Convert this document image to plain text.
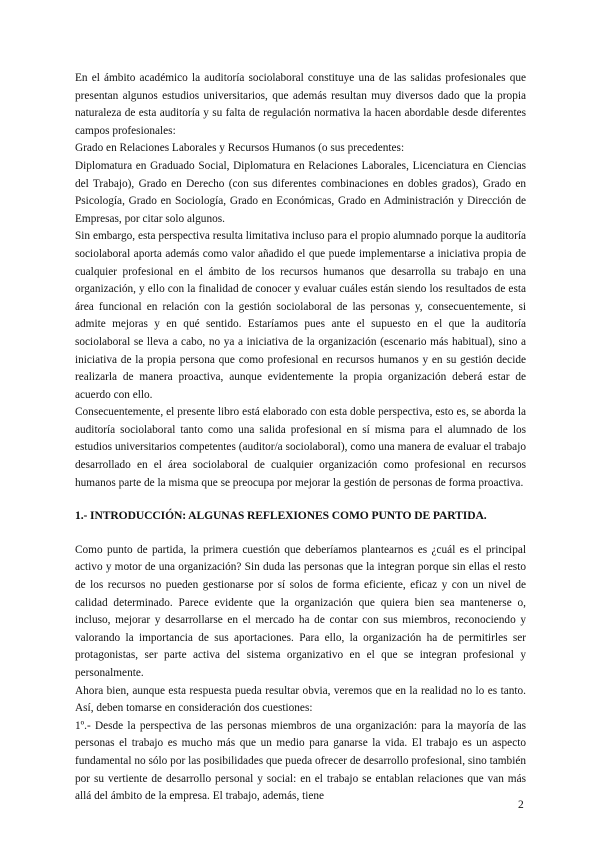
En el ámbito académico la auditoría sociolaboral constituye una de las salidas profesionales que presentan algunos estudios universitarios, que además resultan muy diversos dado que la propia naturaleza de esta auditoría y su falta de regulación normativa la hacen abordable desde diferentes campos profesionales:

Grado en Relaciones Laborales y Recursos Humanos (o sus precedentes:

Diplomatura en Graduado Social, Diplomatura en Relaciones Laborales, Licenciatura en Ciencias del Trabajo), Grado en Derecho (con sus diferentes combinaciones en dobles grados), Grado en Psicología, Grado en Sociología, Grado en Económicas, Grado en Administración y Dirección de Empresas, por citar solo algunos.

Sin embargo, esta perspectiva resulta limitativa incluso para el propio alumnado porque la auditoría sociolaboral aporta además como valor añadido el que puede implementarse a iniciativa propia de cualquier profesional en el ámbito de los recursos humanos que desarrolla su trabajo en una organización, y ello con la finalidad de conocer y evaluar cuáles están siendo los resultados de esta área funcional en relación con la gestión sociolaboral de las personas y, consecuentemente, si admite mejoras y en qué sentido. Estaríamos pues ante el supuesto en el que la auditoría sociolaboral se lleva a cabo, no ya a iniciativa de la organización (escenario más habitual), sino a iniciativa de la propia persona que como profesional en recursos humanos y en su gestión decide realizarla de manera proactiva, aunque evidentemente la propia organización deberá estar de acuerdo con ello.

Consecuentemente, el presente libro está elaborado con esta doble perspectiva, esto es, se aborda la auditoría sociolaboral tanto como una salida profesional en sí misma para el alumnado de los estudios universitarios competentes (auditor/a sociolaboral), como una manera de evaluar el trabajo desarrollado en el área sociolaboral de cualquier organización como profesional en recursos humanos parte de la misma que se preocupa por mejorar la gestión de personas de forma proactiva.

1.- INTRODUCCIÓN: ALGUNAS REFLEXIONES COMO PUNTO DE PARTIDA.

Como punto de partida, la primera cuestión que deberíamos plantearnos es ¿cuál es el principal activo y motor de una organización? Sin duda las personas que la integran porque sin ellas el resto de los recursos no pueden gestionarse por sí solos de forma eficiente, eficaz y con un nivel de calidad determinado. Parece evidente que la organización que quiera bien sea mantenerse o, incluso, mejorar y desarrollarse en el mercado ha de contar con sus miembros, reconociendo y valorando la importancia de sus aportaciones. Para ello, la organización ha de permitirles ser protagonistas, ser parte activa del sistema organizativo en el que se integran profesional y personalmente.

Ahora bien, aunque esta respuesta pueda resultar obvia, veremos que en la realidad no lo es tanto. Así, deben tomarse en consideración dos cuestiones:

1º.- Desde la perspectiva de las personas miembros de una organización: para la mayoría de las personas el trabajo es mucho más que un medio para ganarse la vida. El trabajo es un aspecto fundamental no sólo por las posibilidades que pueda ofrecer de desarrollo profesional, sino también por su vertiente de desarrollo personal y social: en el trabajo se entablan relaciones que van más allá del ámbito de la empresa. El trabajo, además, tiene

2
